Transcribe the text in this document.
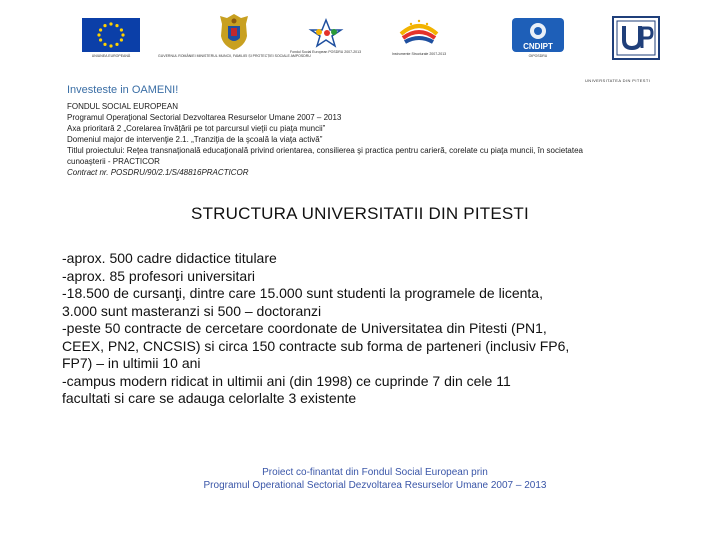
UNIUNEA EUROPEANĂ	GUVERNUL ROMÂNIEI MINISTERUL MUNCII, FAMILIEI ȘI PROTECȚIEI SOCIALE AMPOSDRU
Fondul Social European POSDRU 2007-2013	Instrumente Structurale 2007-2013
CNDIPT
OIPOSDRU
UNIVERSITATEA DIN PITESTI
Investeste in OAMENI!
FONDUL SOCIAL EUROPEAN
Programul Operaţional Sectorial Dezvoltarea Resurselor Umane 2007 – 2013
Axa prioritară 2 „Corelarea învăţării pe tot parcursul vieţii cu piaţa muncii”
Domeniul major de intervenţie 2.1. „Tranziţia de la şcoală la viaţa activă”
Titlul proiectului: Reţea transnaţională educaţională privind orientarea, consilierea şi practica pentru carieră, corelate cu piaţa muncii, în societatea
cunoaşterii - PRACTICOR
Contract nr. POSDRU/90/2.1/S/48816PRACTICOR
STRUCTURA UNIVERSITATII DIN PITESTI
-aprox. 500 cadre didactice titulare
-aprox. 85 profesori universitari
-18.500 de cursanţi, dintre care 15.000 sunt studenti la programele de licenta,
3.000 sunt masteranzi si 500 – doctoranzi
-peste 50 contracte de cercetare coordonate de Universitatea din Pitesti (PN1,
CEEX, PN2, CNCSIS) si circa 150 contracte sub forma de parteneri (inclusiv FP6,
FP7) – in ultimii 10 ani
-campus modern ridicat in ultimii ani (din 1998) ce cuprinde 7 din cele 11
facultati si care se adauga celorlalte 3 existente
Proiect co-finantat din Fondul Social European prin
Programul Operational Sectorial Dezvoltarea Resurselor Umane 2007 – 2013
